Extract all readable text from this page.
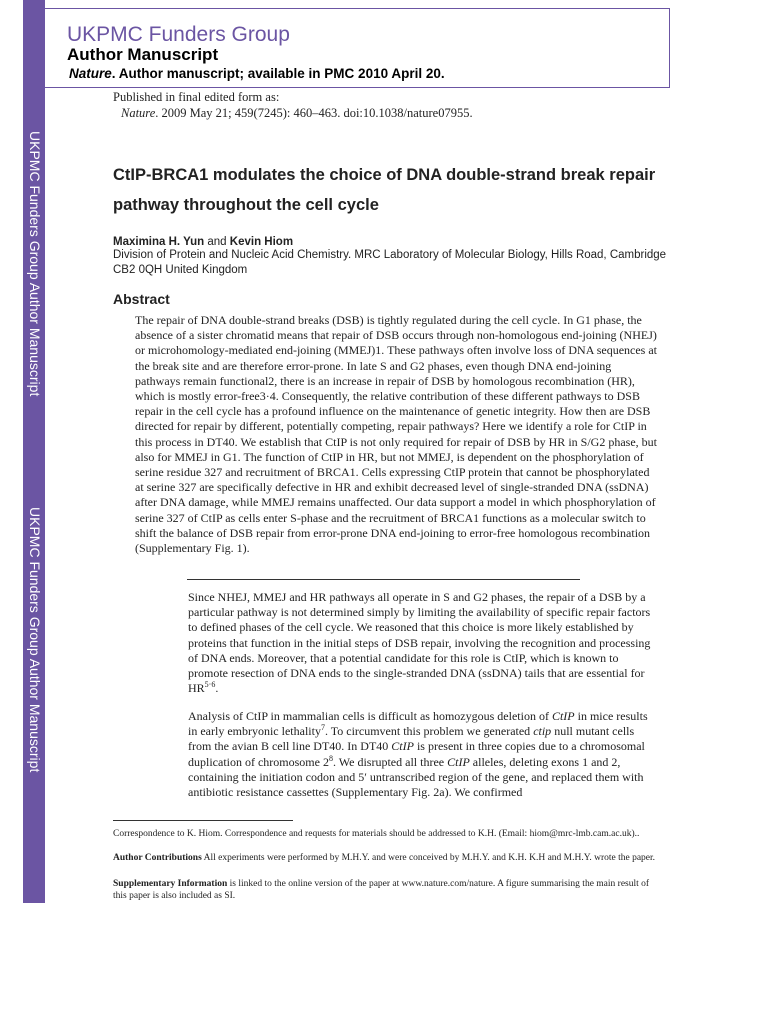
UKPMC Funders Group Author Manuscript
UKPMC Funders Group Author Manuscript
UKPMC Funders Group
Author Manuscript
Nature. Author manuscript; available in PMC 2010 April 20.
Published in final edited form as:
Nature. 2009 May 21; 459(7245): 460–463. doi:10.1038/nature07955.
CtIP-BRCA1 modulates the choice of DNA double-strand break repair pathway throughout the cell cycle
Maximina H. Yun and Kevin Hiom
Division of Protein and Nucleic Acid Chemistry. MRC Laboratory of Molecular Biology, Hills Road, Cambridge CB2 0QH United Kingdom
Abstract
The repair of DNA double-strand breaks (DSB) is tightly regulated during the cell cycle. In G1 phase, the absence of a sister chromatid means that repair of DSB occurs through non-homologous end-joining (NHEJ) or microhomology-mediated end-joining (MMEJ)1. These pathways often involve loss of DNA sequences at the break site and are therefore error-prone. In late S and G2 phases, even though DNA end-joining pathways remain functional2, there is an increase in repair of DSB by homologous recombination (HR), which is mostly error-free3·4. Consequently, the relative contribution of these different pathways to DSB repair in the cell cycle has a profound influence on the maintenance of genetic integrity. How then are DSB directed for repair by different, potentially competing, repair pathways? Here we identify a role for CtIP in this process in DT40. We establish that CtIP is not only required for repair of DSB by HR in S/G2 phase, but also for MMEJ in G1. The function of CtIP in HR, but not MMEJ, is dependent on the phosphorylation of serine residue 327 and recruitment of BRCA1. Cells expressing CtIP protein that cannot be phosphorylated at serine 327 are specifically defective in HR and exhibit decreased level of single-stranded DNA (ssDNA) after DNA damage, while MMEJ remains unaffected. Our data support a model in which phosphorylation of serine 327 of CtIP as cells enter S-phase and the recruitment of BRCA1 functions as a molecular switch to shift the balance of DSB repair from error-prone DNA end-joining to error-free homologous recombination (Supplementary Fig. 1).
Since NHEJ, MMEJ and HR pathways all operate in S and G2 phases, the repair of a DSB by a particular pathway is not determined simply by limiting the availability of specific repair factors to defined phases of the cell cycle. We reasoned that this choice is more likely established by proteins that function in the initial steps of DSB repair, involving the recognition and processing of DNA ends. Moreover, that a potential candidate for this role is CtIP, which is known to promote resection of DNA ends to the single-stranded DNA (ssDNA) tails that are essential for $HR^{5\cdot 6}$.
Analysis of CtIP in mammalian cells is difficult as homozygous deletion of CtIP in mice results in early embryonic lethality$^7$. To circumvent this problem we generated ctip null mutant cells from the avian B cell line DT40. In DT40 CtIP is present in three copies due to a chromosomal duplication of chromosome $2^8$. We disrupted all three CtIP alleles, deleting exons 1 and 2, containing the initiation codon and 5′ untranscribed region of the gene, and replaced them with antibiotic resistance cassettes (Supplementary Fig. 2a). We confirmed
Correspondence to K. Hiom. Correspondence and requests for materials should be addressed to K.H. (Email: hiom@mrc-lmb.cam.ac.uk)..
Author Contributions All experiments were performed by M.H.Y. and were conceived by M.H.Y. and K.H. K.H and M.H.Y. wrote the paper.
Supplementary Information is linked to the online version of the paper at www.nature.com/nature. A figure summarising the main result of this paper is also included as SI.
